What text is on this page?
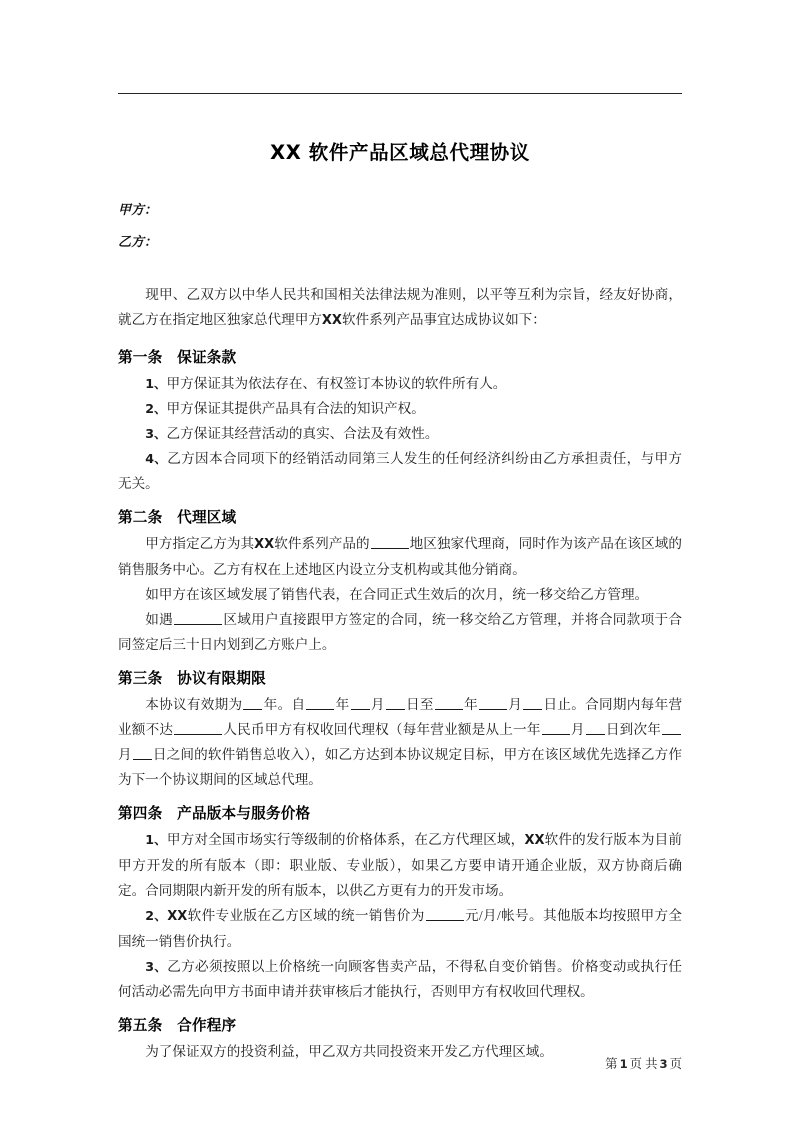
XX 软件产品区域总代理协议

甲方：

乙方：

现甲、乙双方以中华人民共和国相关法律法规为准则，以平等互利为宗旨，经友好协商，就乙方在指定地区独家总代理甲方XX软件系列产品事宜达成协议如下：

第一条　保证条款

1、甲方保证其为依法存在、有权签订本协议的软件所有人。

2、甲方保证其提供产品具有合法的知识产权。

3、乙方保证其经营活动的真实、合法及有效性。

4、乙方因本合同项下的经销活动同第三人发生的任何经济纠纷由乙方承担责任，与甲方无关。

第二条　代理区域

甲方指定乙方为其XX软件系列产品的	地区独家代理商，同时作为该产品在该区域的销售服务中心。乙方有权在上述地区内设立分支机构或其他分销商。

如甲方在该区域发展了销售代表，在合同正式生效后的次月，统一移交给乙方管理。

如遇	区域用户直接跟甲方签定的合同，统一移交给乙方管理，并将合同款项于合同签定后三十日内划到乙方账户上。

第三条　协议有限期限

本协议有效期为 年。自 年 月 日至 年 月 日止。合同期内每年营业额不达	人民币甲方有权收回代理权（每年营业额是从上一年 月 日到次年月 日之间的软件销售总收入），如乙方达到本协议规定目标，甲方在该区域优先选择乙方作为下一个协议期间的区域总代理。

第四条　产品版本与服务价格

1、甲方对全国市场实行等级制的价格体系，在乙方代理区域，XX软件的发行版本为目前甲方开发的所有版本（即：职业版、专业版），如果乙方要申请开通企业版，双方协商后确定。合同期限内新开发的所有版本，以供乙方更有力的开发市场。

2、XX软件专业版在乙方区域的统一销售价为	元/月/帐号。其他版本均按照甲方全国统一销售价执行。

3、乙方必须按照以上价格统一向顾客售卖产品，不得私自变价销售。价格变动或执行任何活动必需先向甲方书面申请并获审核后才能执行，否则甲方有权收回代理权。

第五条　合作程序

为了保证双方的投资利益，甲乙双方共同投资来开发乙方代理区域。

第 1 页 共 3 页
